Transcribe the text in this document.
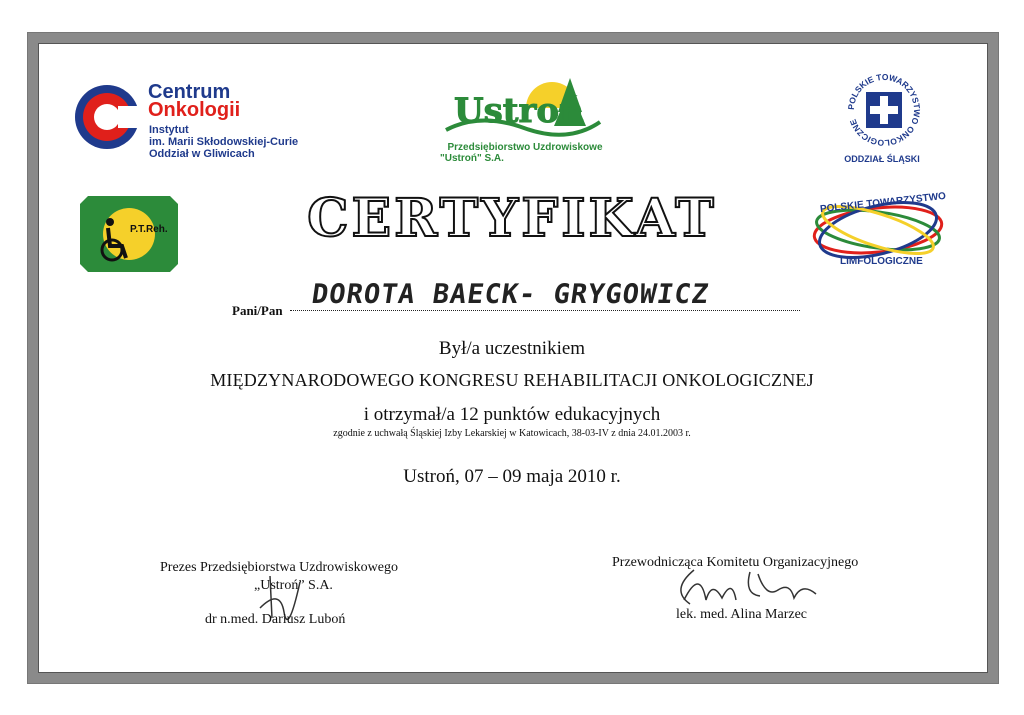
Centrum
Onkologii
Instytut
im. Marii Skłodowskiej-Curie
Oddział w Gliwicach
Ustroń
Przedsiębiorstwo Uzdrowiskowe
"Ustroń" S.A.
POLSKIE TOWARZYSTWO ONKOLOGICZNE
ODDZIAŁ ŚLĄSKI
P.T.Reh.
POLSKIE TOWARZYSTWO
LIMFOLOGICZNE
CERTYFIKAT
Pani/Pan
DOROTA BAECK- GRYGOWICZ
Był/a uczestnikiem
MIĘDZYNARODOWEGO KONGRESU REHABILITACJI ONKOLOGICZNEJ
i otrzymał/a 12 punktów edukacyjnych
zgodnie z uchwałą Śląskiej Izby Lekarskiej w Katowicach, 38-03-IV z dnia 24.01.2003 r.
Ustroń, 07 – 09 maja 2010 r.
Prezes Przedsiębiorstwa Uzdrowiskowego
„Ustroń” S.A.
dr n.med. Dariusz Luboń
Przewodnicząca Komitetu Organizacyjnego
lek. med. Alina Marzec
